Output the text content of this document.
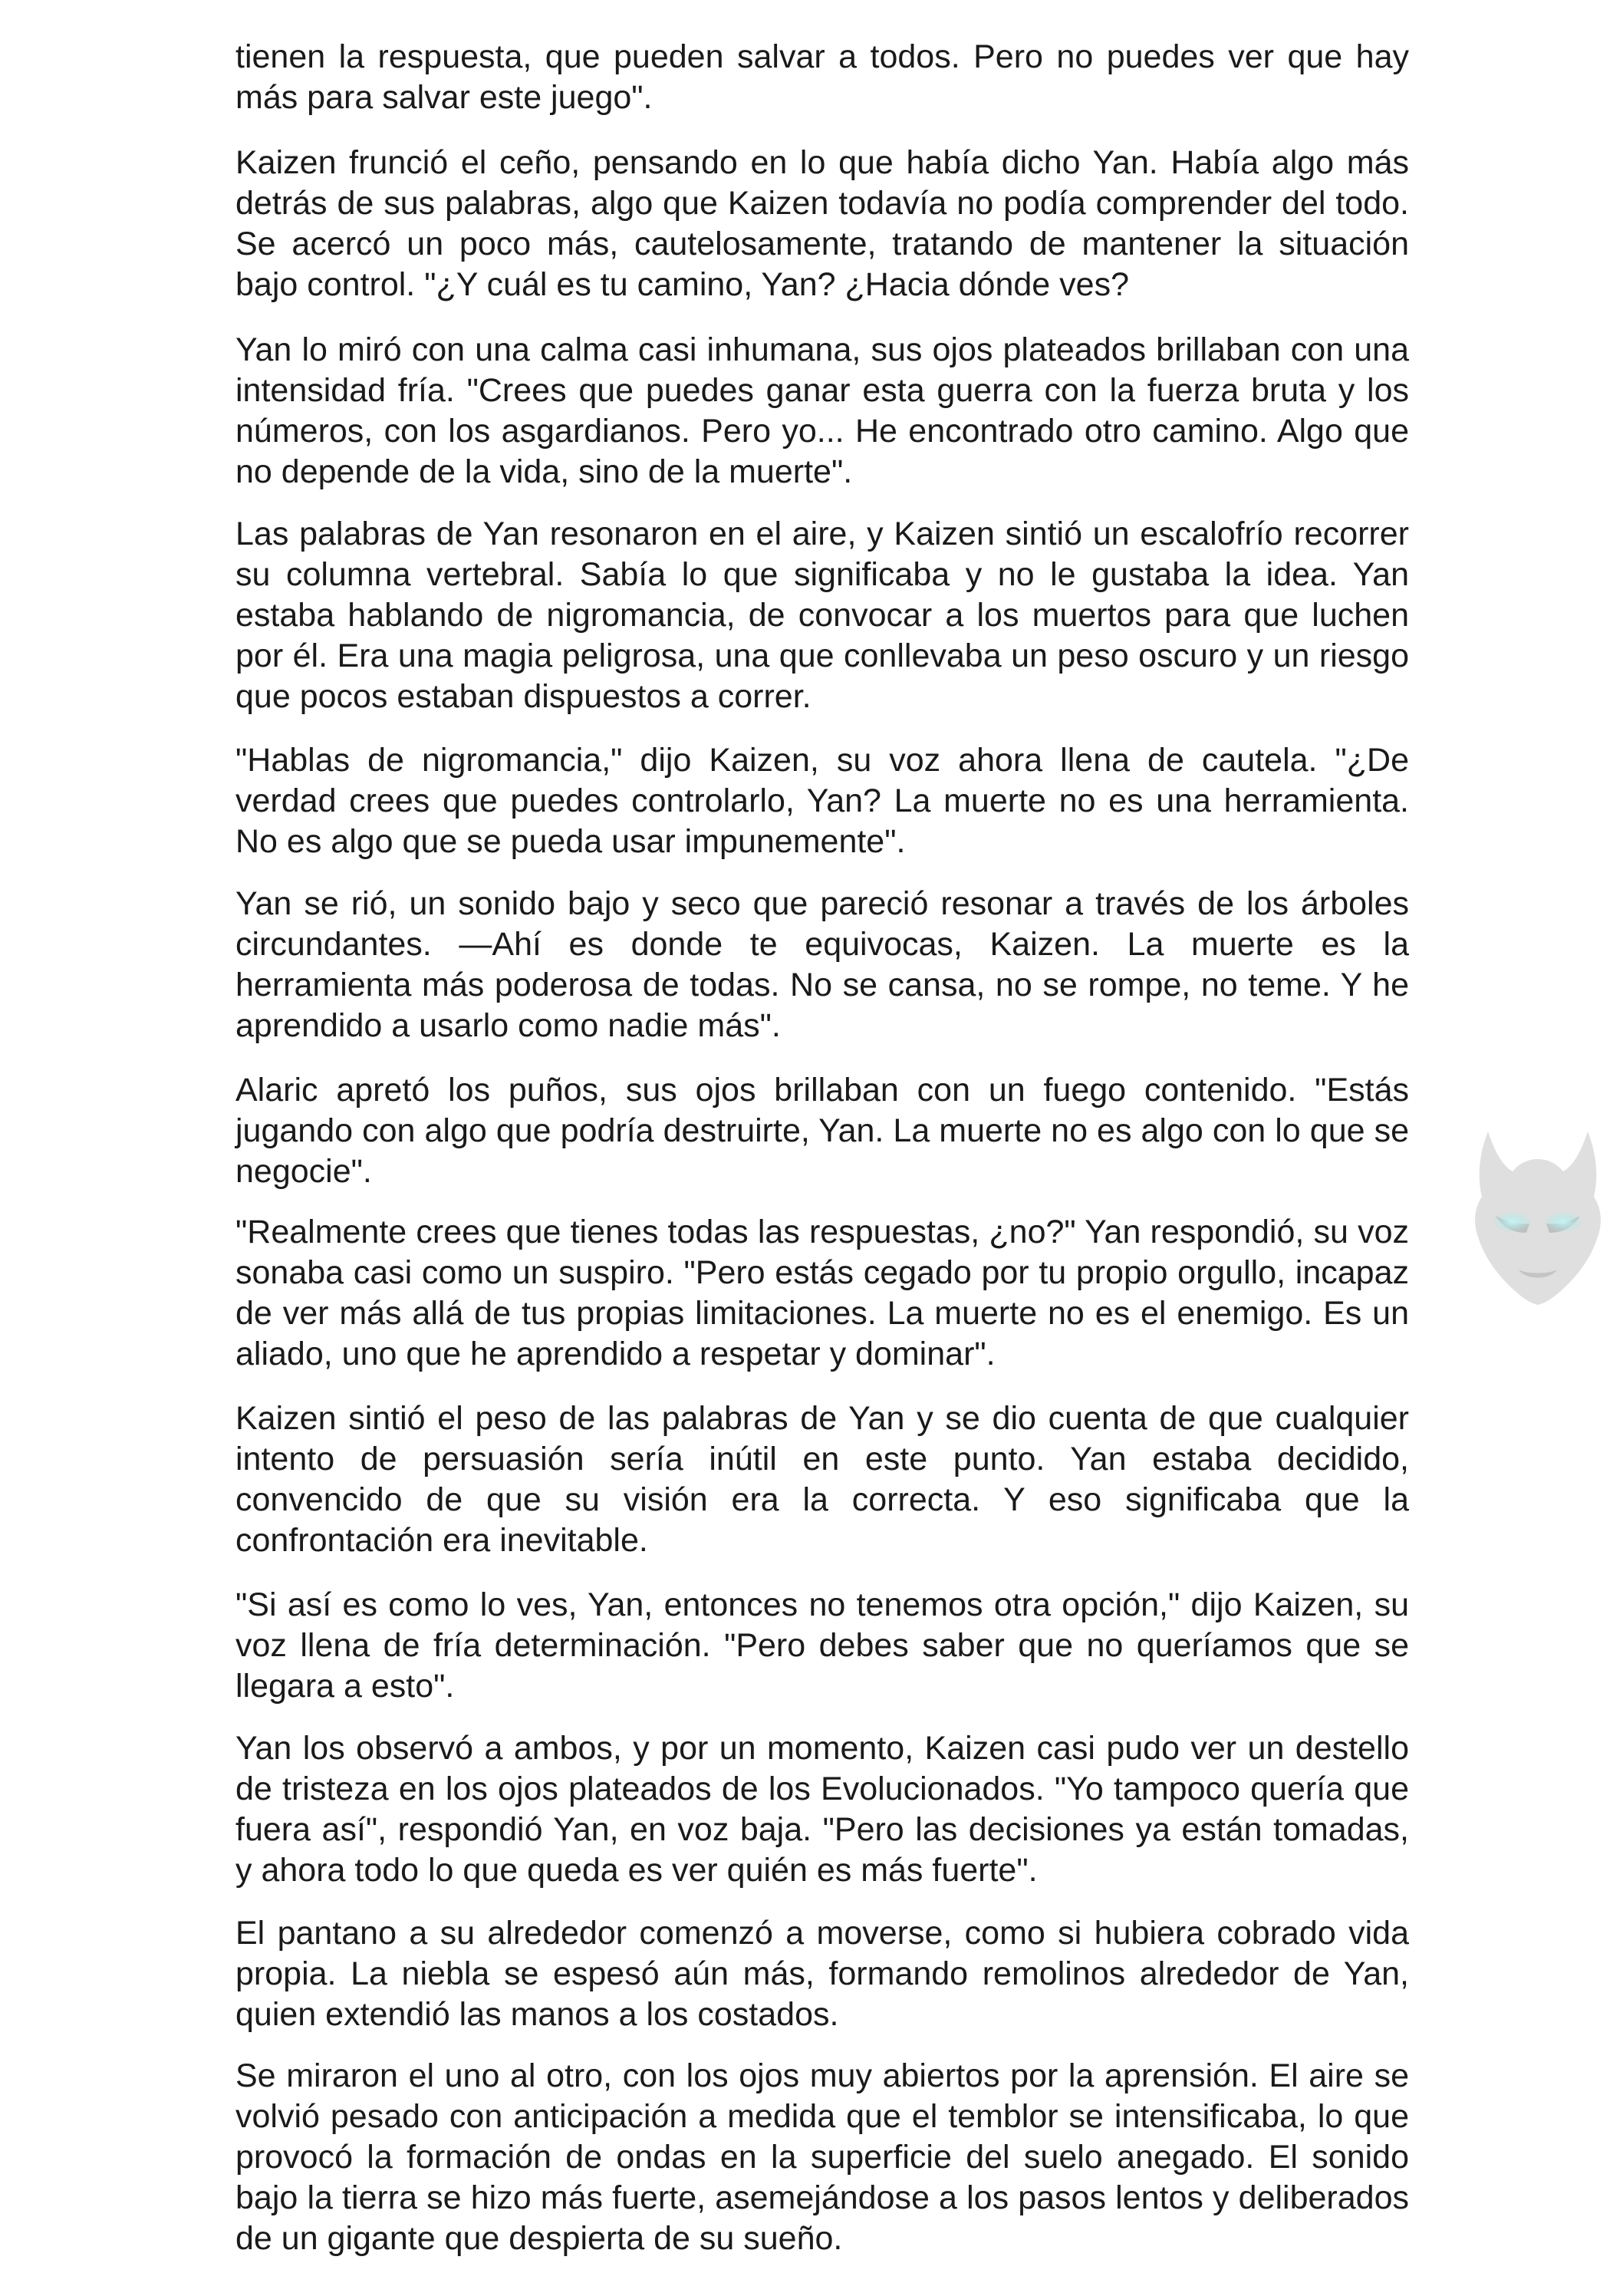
tienen la respuesta, que pueden salvar a todos. Pero no puedes ver que hay más para salvar este juego".

Kaizen frunció el ceño, pensando en lo que había dicho Yan. Había algo más detrás de sus palabras, algo que Kaizen todavía no podía comprender del todo. Se acercó un poco más, cautelosamente, tratando de mantener la situación bajo control. "¿Y cuál es tu camino, Yan? ¿Hacia dónde ves?

Yan lo miró con una calma casi inhumana, sus ojos plateados brillaban con una intensidad fría. "Crees que puedes ganar esta guerra con la fuerza bruta y los números, con los asgardianos. Pero yo... He encontrado otro camino. Algo que no depende de la vida, sino de la muerte".

Las palabras de Yan resonaron en el aire, y Kaizen sintió un escalofrío recorrer su columna vertebral. Sabía lo que significaba y no le gustaba la idea. Yan estaba hablando de nigromancia, de convocar a los muertos para que luchen por él. Era una magia peligrosa, una que conllevaba un peso oscuro y un riesgo que pocos estaban dispuestos a correr.

"Hablas de nigromancia," dijo Kaizen, su voz ahora llena de cautela. "¿De verdad crees que puedes controlarlo, Yan? La muerte no es una herramienta. No es algo que se pueda usar impunemente".

Yan se rió, un sonido bajo y seco que pareció resonar a través de los árboles circundantes. —Ahí es donde te equivocas, Kaizen. La muerte es la herramienta más poderosa de todas. No se cansa, no se rompe, no teme. Y he aprendido a usarlo como nadie más".

Alaric apretó los puños, sus ojos brillaban con un fuego contenido. "Estás jugando con algo que podría destruirte, Yan. La muerte no es algo con lo que se negocie".

"Realmente crees que tienes todas las respuestas, ¿no?" Yan respondió, su voz sonaba casi como un suspiro. "Pero estás cegado por tu propio orgullo, incapaz de ver más allá de tus propias limitaciones. La muerte no es el enemigo. Es un aliado, uno que he aprendido a respetar y dominar".

Kaizen sintió el peso de las palabras de Yan y se dio cuenta de que cualquier intento de persuasión sería inútil en este punto. Yan estaba decidido, convencido de que su visión era la correcta. Y eso significaba que la confrontación era inevitable.

"Si así es como lo ves, Yan, entonces no tenemos otra opción," dijo Kaizen, su voz llena de fría determinación. "Pero debes saber que no queríamos que se llegara a esto".

Yan los observó a ambos, y por un momento, Kaizen casi pudo ver un destello de tristeza en los ojos plateados de los Evolucionados. "Yo tampoco quería que fuera así", respondió Yan, en voz baja. "Pero las decisiones ya están tomadas, y ahora todo lo que queda es ver quién es más fuerte".

El pantano a su alrededor comenzó a moverse, como si hubiera cobrado vida propia. La niebla se espesó aún más, formando remolinos alrededor de Yan, quien extendió las manos a los costados.

Se miraron el uno al otro, con los ojos muy abiertos por la aprensión. El aire se volvió pesado con anticipación a medida que el temblor se intensificaba, lo que provocó la formación de ondas en la superficie del suelo anegado. El sonido bajo la tierra se hizo más fuerte, asemejándose a los pasos lentos y deliberados de un gigante que despierta de su sueño.
